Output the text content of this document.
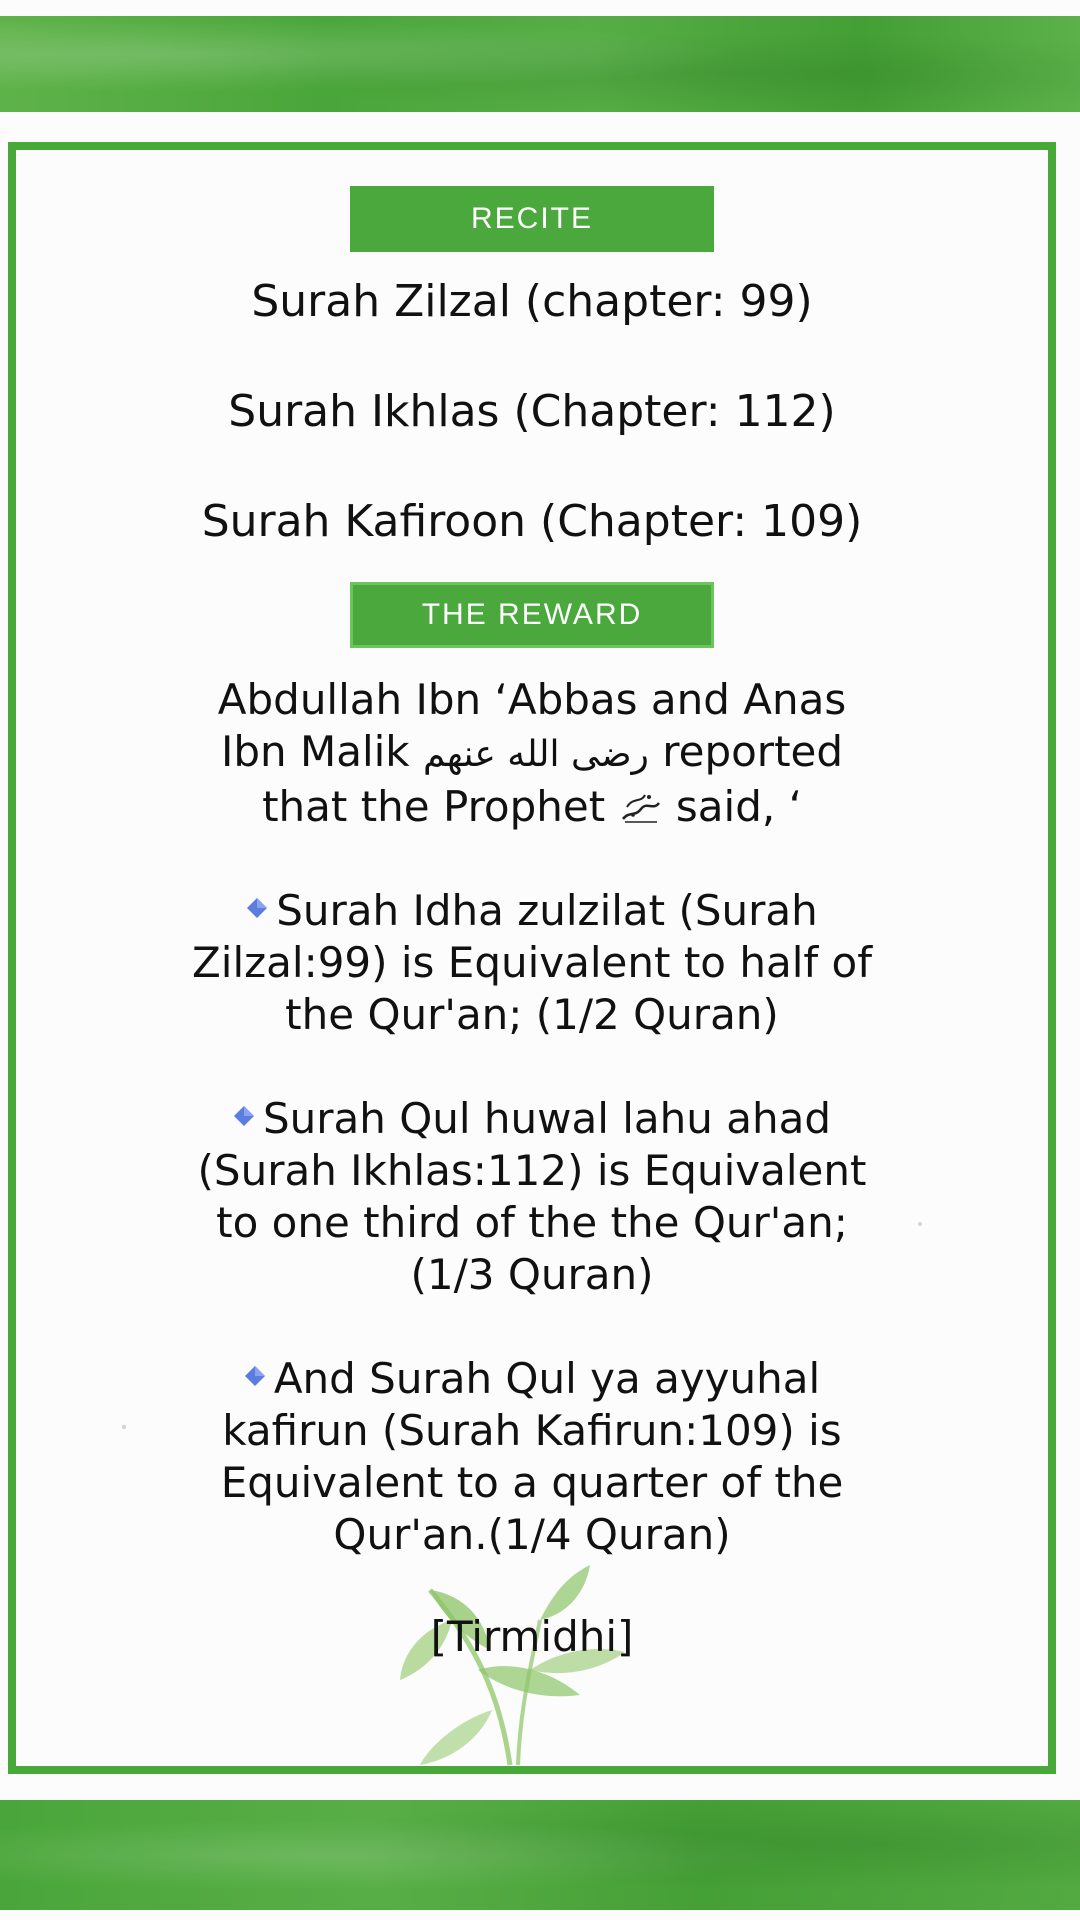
RECITE

Surah Zilzal (chapter: 99)

Surah Ikhlas (Chapter: 112)

Surah Kafiroon (Chapter: 109)

THE REWARD

Abdullah Ibn ‘Abbas and Anas Ibn Malik رضى الله عنهم reported that the Prophet  said, ‘

Surah Idha zulzilat (Surah Zilzal:99) is Equivalent to half of the Qur'an; (1/2 Quran)

Surah Qul huwal lahu ahad (Surah Ikhlas:112) is Equivalent to one third of the the Qur'an; (1/3 Quran)

And Surah Qul ya ayyuhal kafirun (Surah Kafirun:109) is Equivalent to a quarter of the Qur'an.(1/4 Quran)

[Tirmidhi]
